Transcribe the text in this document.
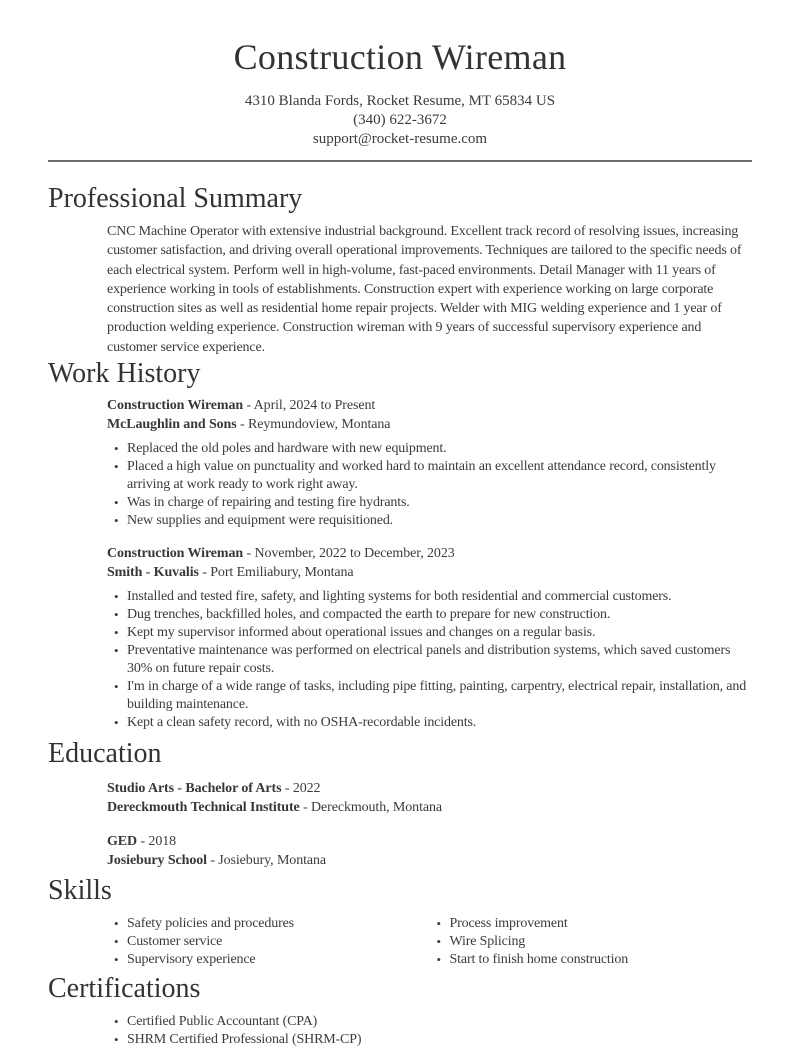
Construction Wireman
4310 Blanda Fords, Rocket Resume, MT 65834 US
(340) 622-3672
support@rocket-resume.com
Professional Summary

CNC Machine Operator with extensive industrial background. Excellent track record of resolving issues, increasing customer satisfaction, and driving overall operational improvements. Techniques are tailored to the specific needs of each electrical system. Perform well in high-volume, fast-paced environments. Detail Manager with 11 years of experience working in tools of establishments. Construction expert with experience working on large corporate construction sites as well as residential home repair projects. Welder with MIG welding experience and 1 year of production welding experience. Construction wireman with 9 years of successful supervisory experience and customer service experience.

Work History
Construction Wireman - April, 2024 to Present
McLaughlin and Sons - Reymundoview, Montana
• Replaced the old poles and hardware with new equipment.
• Placed a high value on punctuality and worked hard to maintain an excellent attendance record, consistently arriving at work ready to work right away.
• Was in charge of repairing and testing fire hydrants.
• New supplies and equipment were requisitioned.
Construction Wireman - November, 2022 to December, 2023
Smith - Kuvalis - Port Emiliabury, Montana
• Installed and tested fire, safety, and lighting systems for both residential and commercial customers.
• Dug trenches, backfilled holes, and compacted the earth to prepare for new construction.
• Kept my supervisor informed about operational issues and changes on a regular basis.
• Preventative maintenance was performed on electrical panels and distribution systems, which saved customers 30% on future repair costs.
• I'm in charge of a wide range of tasks, including pipe fitting, painting, carpentry, electrical repair, installation, and building maintenance.
• Kept a clean safety record, with no OSHA-recordable incidents.
Education
Studio Arts - Bachelor of Arts - 2022
Dereckmouth Technical Institute - Dereckmouth, Montana
GED - 2018
Josiebury School - Josiebury, Montana
Skills
• Safety policies and procedures
• Customer service
• Supervisory experience
• Process improvement
• Wire Splicing
• Start to finish home construction
Certifications
• Certified Public Accountant (CPA)
• SHRM Certified Professional (SHRM-CP)
